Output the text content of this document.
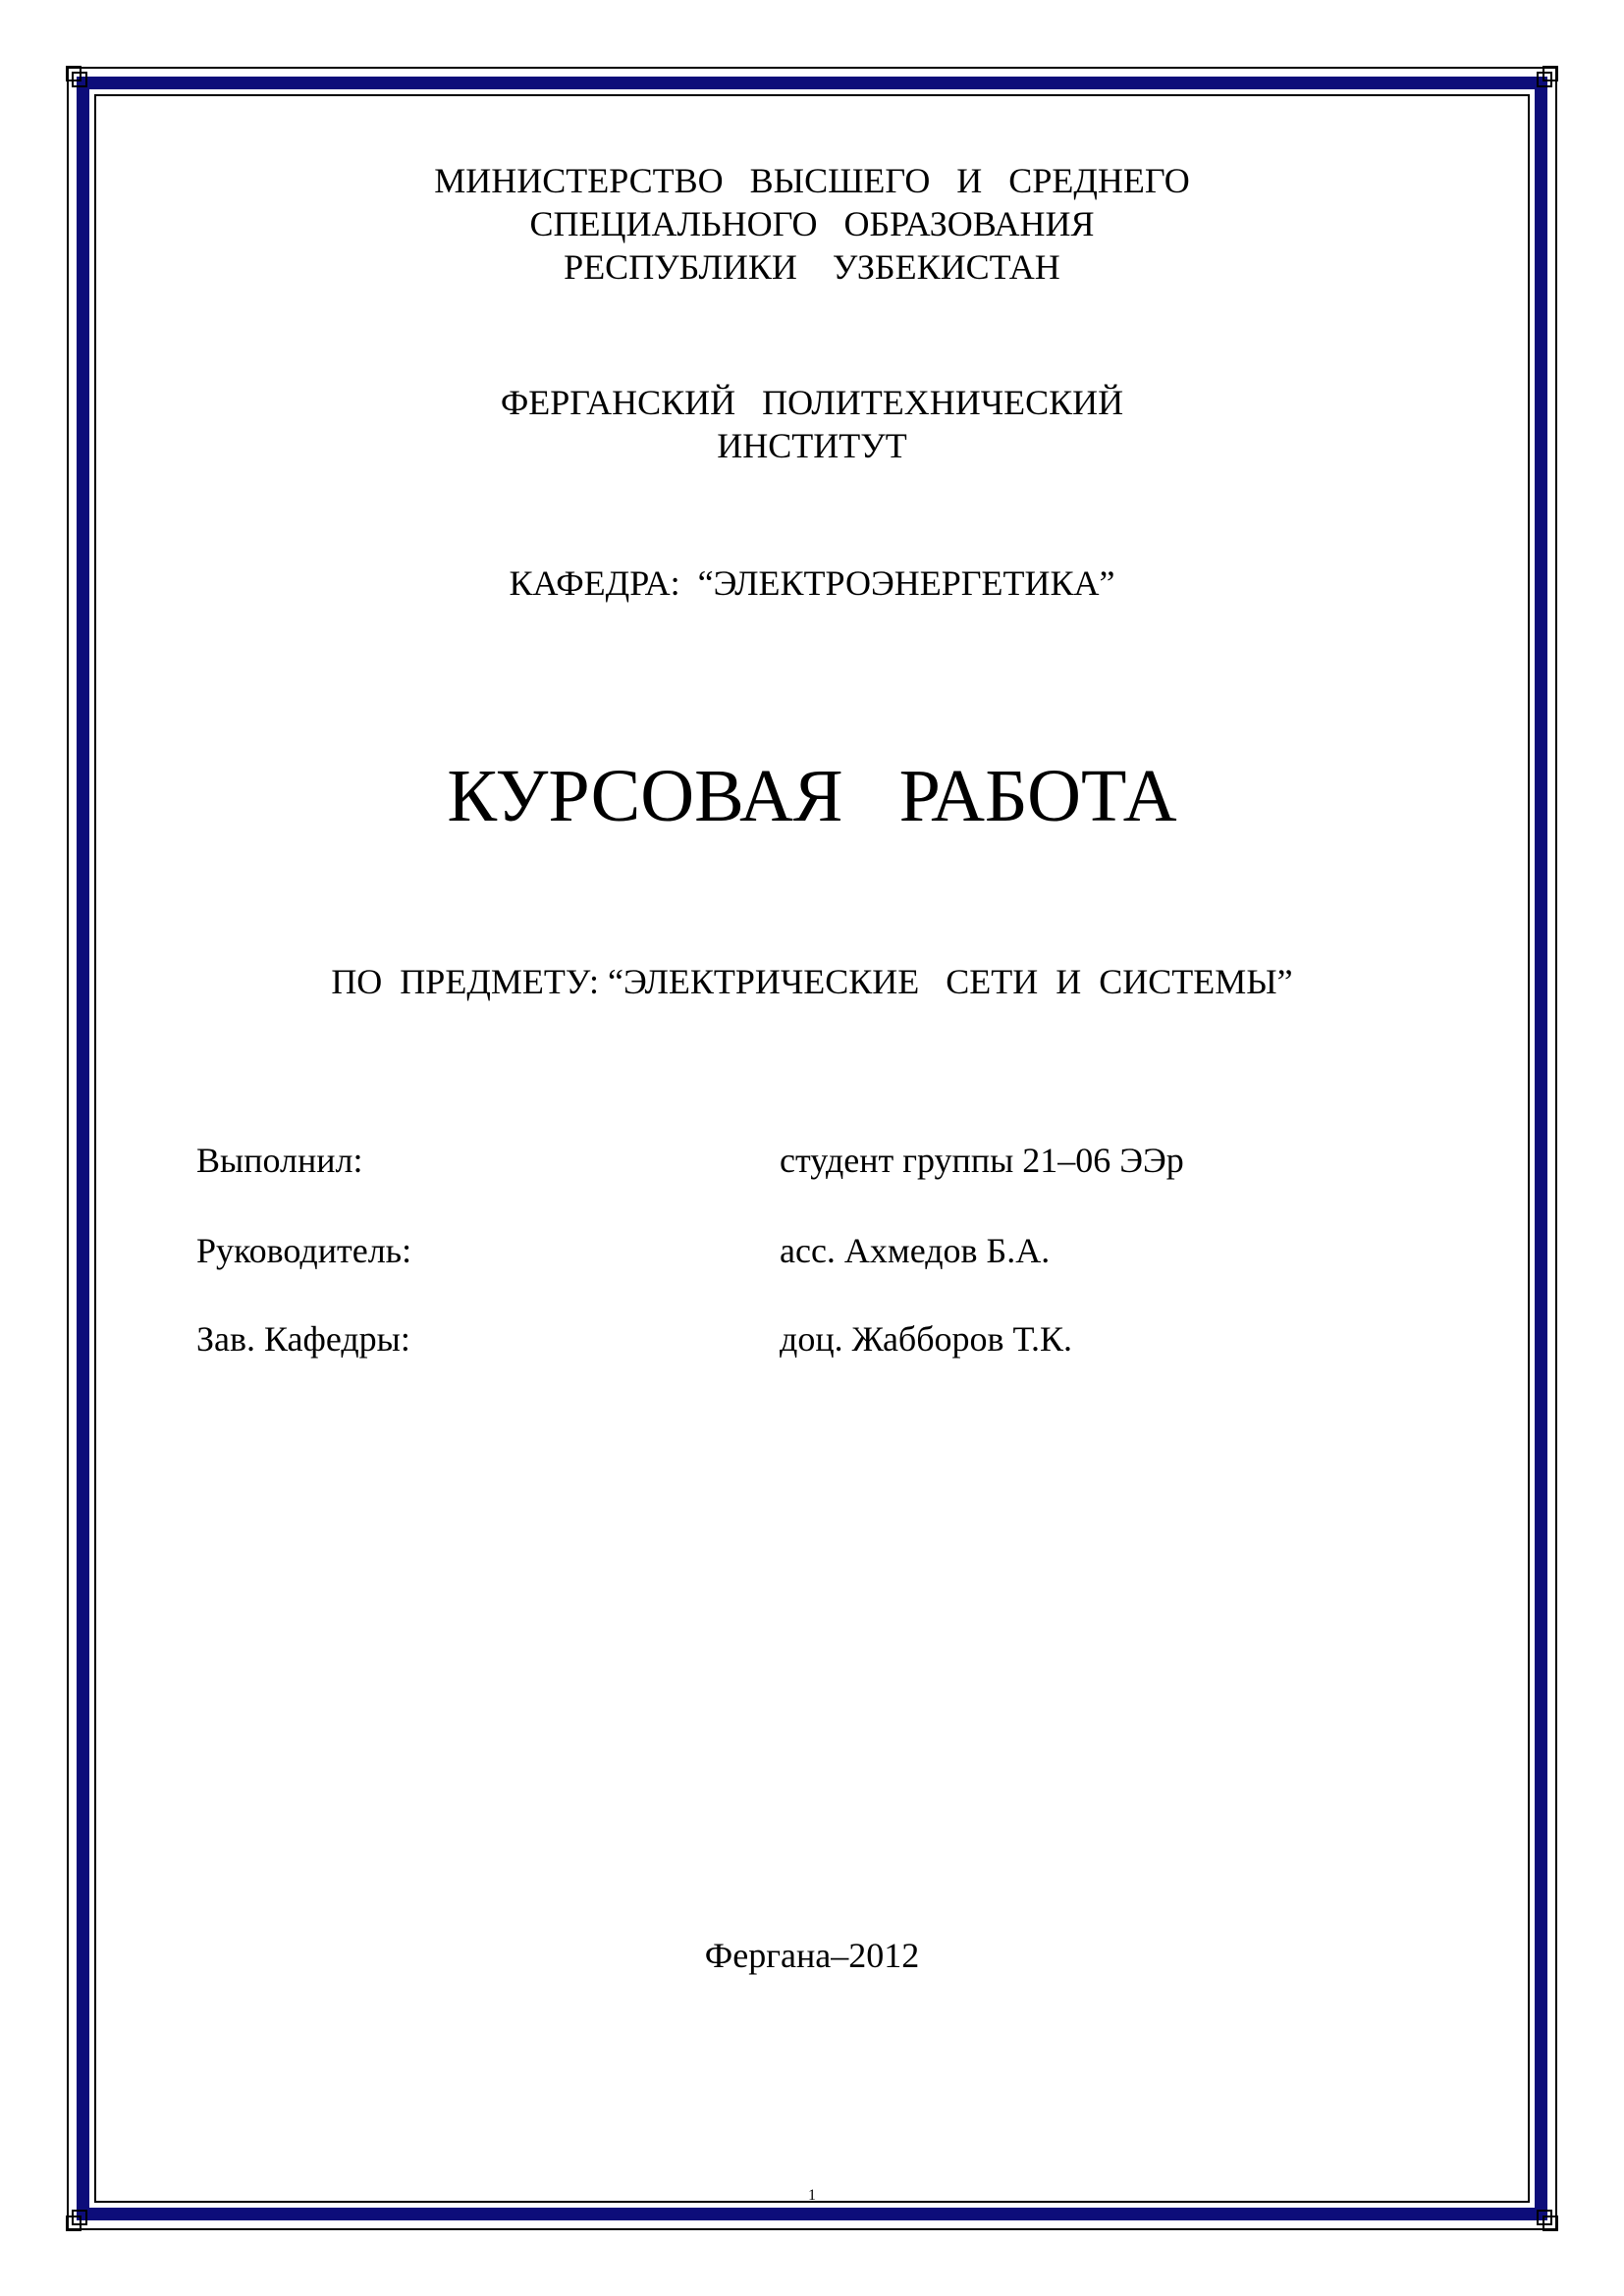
МИНИСТЕРСТВО   ВЫСШЕГО   И   СРЕДНЕГО
СПЕЦИАЛЬНОГО   ОБРАЗОВАНИЯ
РЕСПУБЛИКИ    УЗБЕКИСТАН
ФЕРГАНСКИЙ   ПОЛИТЕХНИЧЕСКИЙ
ИНСТИТУТ
КАФЕДРА:  “ЭЛЕКТРОЭНЕРГЕТИКА”
КУРСОВАЯ   РАБОТА
ПО  ПРЕДМЕТУ: “ЭЛЕКТРИЧЕСКИЕ   СЕТИ  И  СИСТЕМЫ”
Выполнил:	студент группы 21–06 ЭЭр
Руководитель:	асс. Ахмедов Б.А.
Зав. Кафедры:	доц. Жабборов Т.К.
Фергана–2012
1
